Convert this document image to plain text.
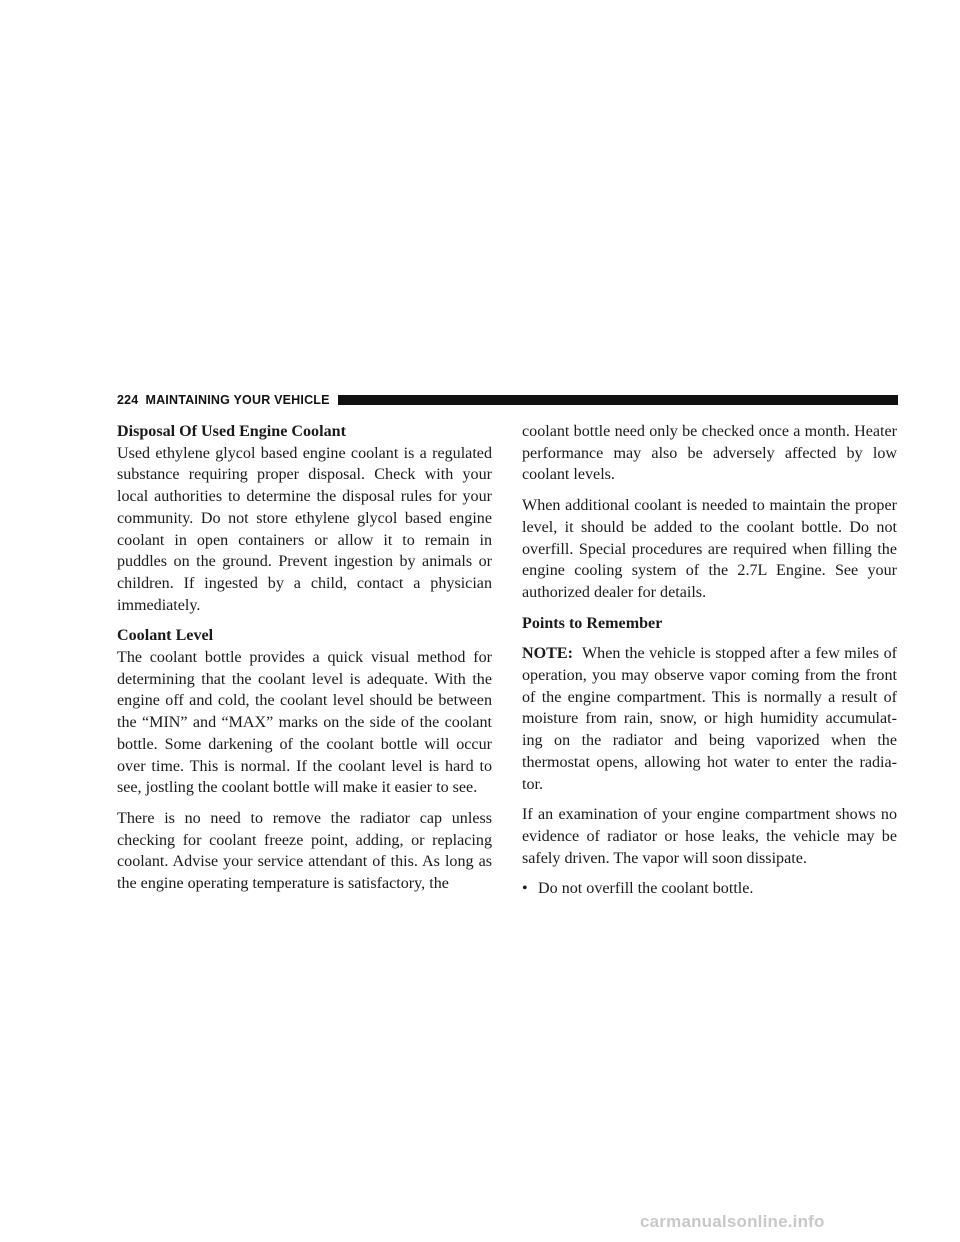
224 MAINTAINING YOUR VEHICLE

Disposal Of Used Engine Coolant

Used ethylene glycol based engine coolant is a regulated substance requiring proper disposal. Check with your local authorities to determine the disposal rules for your community. Do not store ethylene glycol based engine coolant in open containers or allow it to remain in puddles on the ground. Prevent ingestion by animals or children. If ingested by a child, contact a physician immediately.

Coolant Level

The coolant bottle provides a quick visual method for determining that the coolant level is adequate. With the engine off and cold, the coolant level should be between the “MIN” and “MAX” marks on the side of the coolant bottle. Some darkening of the coolant bottle will occur over time. This is normal. If the coolant level is hard to see, jostling the coolant bottle will make it easier to see.

There is no need to remove the radiator cap unless checking for coolant freeze point, adding, or replacing coolant. Advise your service attendant of this. As long as the engine operating temperature is satisfactory, the

coolant bottle need only be checked once a month. Heater performance may also be adversely affected by low coolant levels.

When additional coolant is needed to maintain the proper level, it should be added to the coolant bottle. Do not overfill. Special procedures are required when filling the engine cooling system of the 2.7L Engine. See your authorized dealer for details.

Points to Remember

NOTE: When the vehicle is stopped after a few miles of operation, you may observe vapor coming from the front of the engine compartment. This is normally a result of moisture from rain, snow, or high humidity accumulat- ing on the radiator and being vaporized when the thermostat opens, allowing hot water to enter the radia- tor.

If an examination of your engine compartment shows no evidence of radiator or hose leaks, the vehicle may be safely driven. The vapor will soon dissipate.

• Do not overfill the coolant bottle.
carmanualsonline.info
